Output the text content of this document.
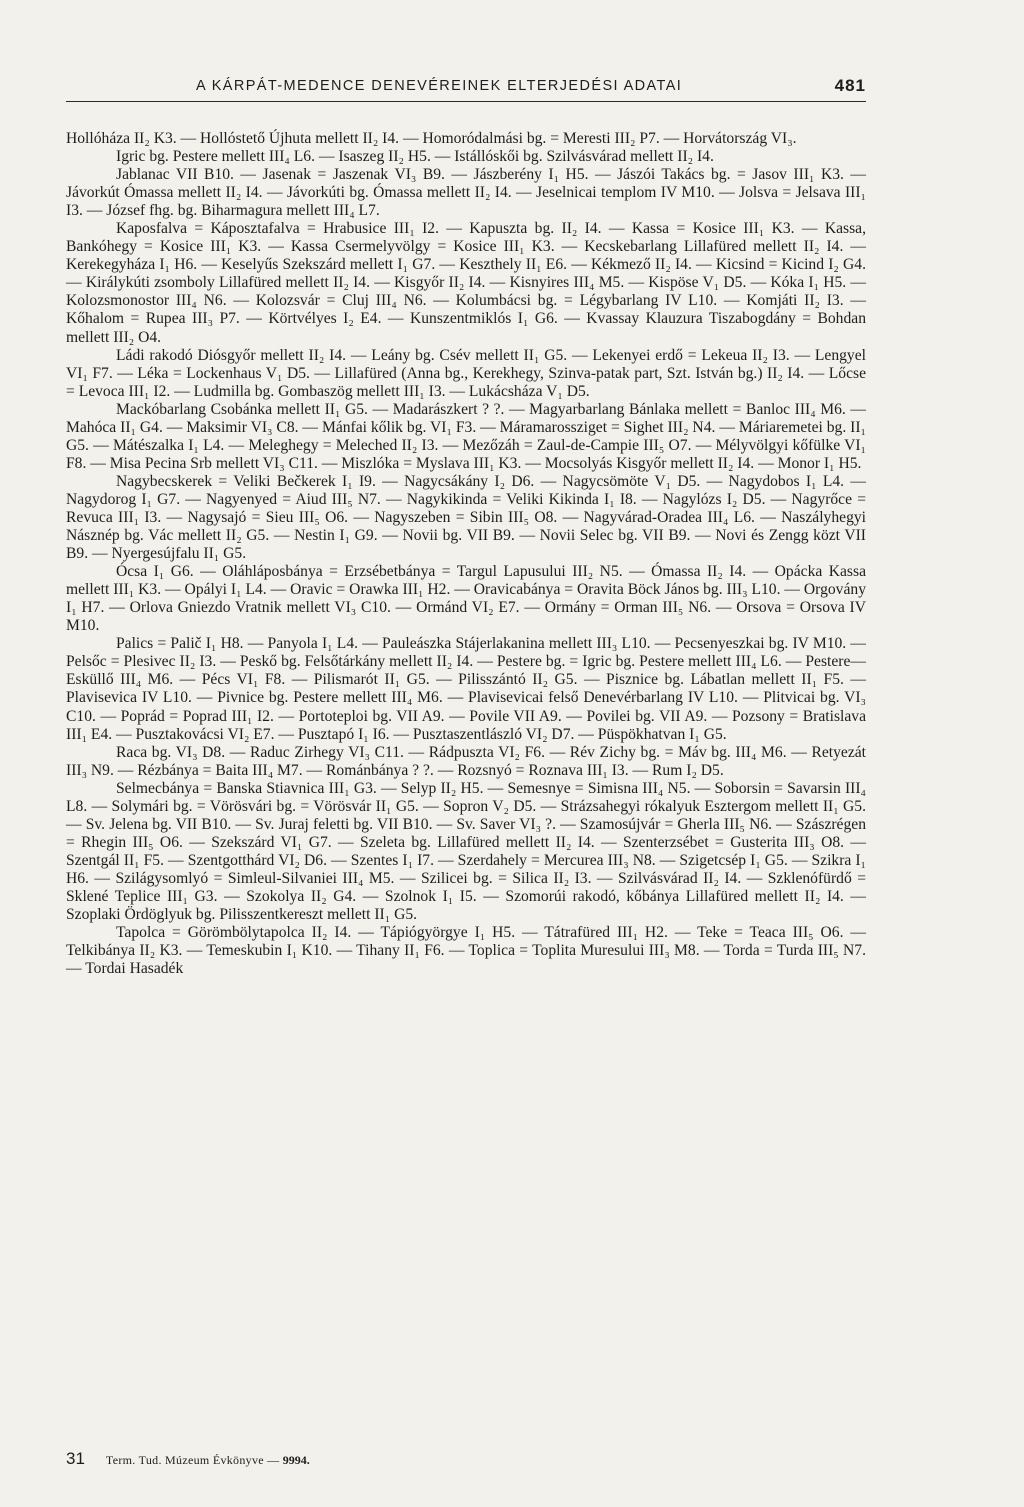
A KÁRPÁT-MEDENCE DENEVÉREINEK ELTERJEDÉSI ADATAI	481

Hollóháza II₂ K3. — Hollóstető Újhuta mellett II₂ I4. — Homoródalmási bg. = Meresti III₂ P7. — Horvátország VI₃.

Igric bg. Pestere mellett III₄ L6. — Isaszeg II₂ H5. — Istállóskői bg. Szilvásvárad mellett II₂ I4.

Jablanac VII B10. — Jasenak = Jaszenak VI₃ B9. — Jászberény I₁ H5. — Jászói Takács bg. = Jasov III₁ K3. — Jávorkút Ómassa mellett II₂ I4. — Jávorkúti bg. Ómassa mellett II₂ I4. — Jeselnicai templom IV M10. — Jolsva = Jelsava III₁ I3. — József fhg. bg. Biharmagura mellett III₄ L7.

Kaposfalva = Káposztafalva = Hrabusice III₁ I2. — Kapuszta bg. II₂ I4. — Kassa = Kosice III₁ K3. — Kassa, Bankóhegy = Kosice III₁ K3. — Kassa Csermelyvölgy = Kosice III₁ K3. — Kecskebarlang Lillafüred mellett II₂ I4. — Kerekegyháza I₁ H6. — Keselyűs Szekszárd mellett I₁ G7. — Keszthely II₁ E6. — Kékmező II₂ I4. — Kicsind = Kicind I₂ G4. — Királykúti zsomboly Lillafüred mellett II₂ I4. — Kisgyőr II₂ I4. — Kisnyires III₄ M5. — Kispöse V₁ D5. — Kóka I₁ H5. — Kolozsmonostor III₄ N6. — Kolozsvár = Cluj III₄ N6. — Kolumbácsi bg. = Légybarlang IV L10. — Komjáti II₂ I3. — Kőhalom = Rupea III₃ P7. — Körtvélyes I₂ E4. — Kunszentmiklós I₁ G6. — Kvassay Klauzura Tiszabogdány = Bohdan mellett III₂ O4.

Ládi rakodó Diósgyőr mellett II₂ I4. — Leány bg. Csév mellett II₁ G5. — Lekenyei erdő = Lekeua II₂ I3. — Lengyel VI₁ F7. — Léka = Lockenhaus V₁ D5. — Lillafüred (Anna bg., Kerekhegy, Szinva-patak part, Szt. István bg.) II₂ I4. — Lőcse = Levoca III₁ I2. — Ludmilla bg. Gombaszög mellett III₁ I3. — Lukácsháza V₁ D5.

Mackóbarlang Csobánka mellett II₁ G5. — Madarászkert ? ?. — Magyarbarlang Bánlaka mellett = Banloc III₄ M6. — Mahóca II₁ G4. — Maksimir VI₃ C8. — Mánfai kőlik bg. VI₁ F3. — Máramarossziget = Sighet III₂ N4. — Máriaremetei bg. II₁ G5. — Mátészalka I₁ L4. — Meleghegy = Meleched II₂ I3. — Mezőzáh = Zaul-de-Campie III₅ O7. — Mélyvölgyi kőfülke VI₁ F8. — Misa Pecina Srb mellett VI₃ C11. — Miszlóka = Myslava III₁ K3. — Mocsolyás Kisgyőr mellett II₂ I4. — Monor I₁ H5.

Nagybecskerek = Veliki Bečkerek I₁ I9. — Nagycsákány I₂ D6. — Nagycsömöte V₁ D5. — Nagydobos I₁ L4. — Nagydorog I₁ G7. — Nagyenyed = Aiud III₅ N7. — Nagykikinda = Veliki Kikinda I₁ I8. — Nagylózs I₂ D5. — Nagyrőce = Revuca III₁ I3. — Nagysajó = Sieu III₅ O6. — Nagyszeben = Sibin III₅ O8. — Nagyvárad-Oradea III₄ L6. — Naszályhegyi Násznép bg. Vác mellett II₂ G5. — Nestin I₁ G9. — Novii bg. VII B9. — Novii Selec bg. VII B9. — Novi és Zengg közt VII B9. — Nyergesújfalu II₁ G5.

Ócsa I₁ G6. — Oláhláposbánya = Erzsébetbánya = Targul Lapusului III₂ N5. — Ómassa II₂ I4. — Opácka Kassa mellett III₁ K3. — Opályi I₁ L4. — Oravic = Orawka III₁ H2. — Oravicabánya = Oravita Böck János bg. III₃ L10. — Orgovány I₁ H7. — Orlova Gniezdo Vratnik mellett VI₃ C10. — Ormánd VI₂ E7. — Ormány = Orman III₅ N6. — Orsova = Orsova IV M10.

Palics = Palič I₁ H8. — Panyola I₁ L4. — Pauleászka Stájerlakanina mellett III₃ L10. — Pecsenyeszkai bg. IV M10. — Pelsőc = Plesivec II₂ I3. — Peskő bg. Felsőtárkány mellett II₂ I4. — Pestere bg. = Igric bg. Pestere mellett III₄ L6. — Pestere—Esküllő III₄ M6. — Pécs VI₁ F8. — Pilismarót II₁ G5. — Pilisszántó II₂ G5. — Pisznice bg. Lábatlan mellett II₁ F5. — Plavisevica IV L10. — Pivnice bg. Pestere mellett III₄ M6. — Plavisevicai felső Denevérbarlang IV L10. — Plitvicai bg. VI₃ C10. — Poprád = Poprad III₁ I2. — Portoteploi bg. VII A9. — Povile VII A9. — Povilei bg. VII A9. — Pozsony = Bratislava III₁ E4. — Pusztakovácsi VI₂ E7. — Pusztapó I₁ I6. — Pusztaszentlászló VI₂ D7. — Püspökhatvan I₁ G5.

Raca bg. VI₃ D8. — Raduc Zirhegy VI₃ C11. — Rádpuszta VI₂ F6. — Rév Zichy bg. = Máv bg. III₄ M6. — Retyezát III₃ N9. — Rézbánya = Baita III₄ M7. — Románbánya ? ?. — Rozsnyó = Roznava III₁ I3. — Rum I₂ D5.

Selmecbánya = Banska Stiavnica III₁ G3. — Selyp II₂ H5. — Semesnye = Simisna III₄ N5. — Soborsin = Savarsin III₄ L8. — Solymári bg. = Vörösvári bg. = Vörösvár II₁ G5. — Sopron V₂ D5. — Strázsahegyi rókalyuk Esztergom mellett II₁ G5. — Sv. Jelena bg. VII B10. — Sv. Juraj feletti bg. VII B10. — Sv. Saver VI₃ ?. — Szamosújvár = Gherla III₅ N6. — Szászrégen = Rhegin III₅ O6. — Szekszárd VI₁ G7. — Szeleta bg. Lillafüred mellett II₂ I4. — Szenterzsébet = Gusterita III₃ O8. — Szentgál II₁ F5. — Szentgotthárd VI₂ D6. — Szentes I₁ I7. — Szerdahely = Mercurea III₃ N8. — Szigetcsép I₁ G5. — Szikra I₁ H6. — Szilágysomlyó = Simleul-Silvaniei III₄ M5. — Szilicei bg. = Silica II₂ I3. — Szilvásvárad II₂ I4. — Szklenófürdő = Sklené Teplice III₁ G3. — Szokolya II₂ G4. — Szolnok I₁ I5. — Szomorúi rakodó, kőbánya Lillafüred mellett II₂ I4. — Szoplaki Ördöglyuk bg. Pilisszentkereszt mellett II₁ G5.

Tapolca = Görömbölytapolca II₂ I4. — Tápiógyörgye I₁ H5. — Tátrafüred III₁ H2. — Teke = Teaca III₅ O6. — Telkibánya II₂ K3. — Temeskubin I₁ K10. — Tihany II₁ F6. — Toplica = Toplita Muresului III₃ M8. — Torda = Turda III₅ N7. — Tordai Hasadék

31 Term. Tud. Múzeum Évkönyve — 9994.
